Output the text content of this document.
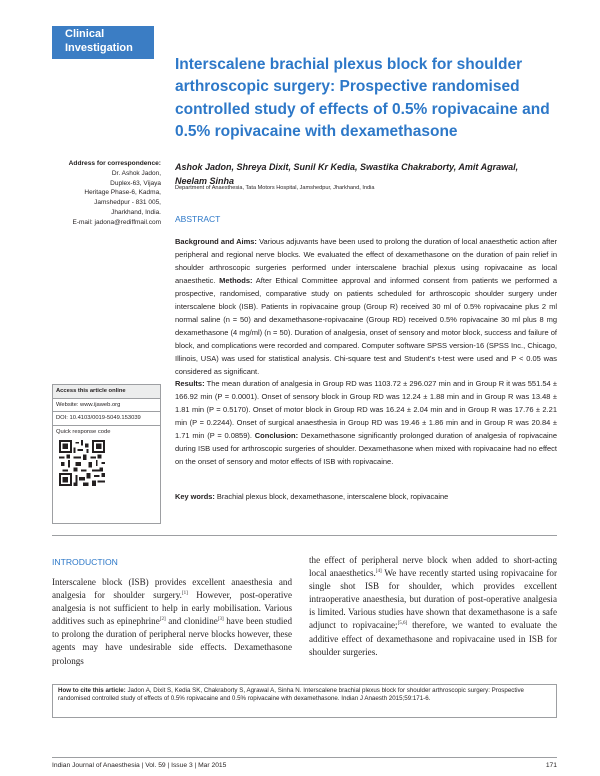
Clinical
Investigation
Interscalene brachial plexus block for shoulder
arthroscopic surgery: Prospective randomised
controlled study of effects of 0.5% ropivacaine and
0.5% ropivacaine with dexamethasone
Address for correspondence:
Dr. Ashok Jadon,
Duplex-63, Vijaya
Heritage Phase-6, Kadma,
Jamshedpur - 831 005,
Jharkhand, India.
E-mail: jadona@rediffmail.com
Ashok Jadon, Shreya Dixit, Sunil Kr Kedia, Swastika Chakraborty, Amit Agrawal,
Neelam Sinha
Department of Anaesthesia, Tata Motors Hospital, Jamshedpur, Jharkhand, India
ABSTRACT
Background and Aims: Various adjuvants have been used to prolong the duration of local anaesthetic action after peripheral and regional nerve blocks. We evaluated the effect of dexamethasone on the duration of pain relief in shoulder arthroscopic surgeries performed under interscalene brachial plexus using ropivacaine as local anaesthetic. Methods: After Ethical Committee approval and informed consent from patients we performed a prospective, randomised, comparative study on patients scheduled for arthroscopic shoulder surgery under interscalene block (ISB). Patients in ropivacaine group (Group R) received 30 ml of 0.5% ropivacaine plus 2 ml normal saline (n = 50) and dexamethasone-ropivacaine (Group RD) received 0.5% ropivacaine 30 ml plus 8 mg dexamethasone (4 mg/ml) (n = 50). Duration of analgesia, onset of sensory and motor block, success and failure of block, and complications were recorded and compared. Computer software SPSS version-16 (SPSS Inc., Chicago, Illinois, USA) was used for statistical analysis. Chi-square test and Student's t-test were used and P < 0.05 was considered as significant.
Results: The mean duration of analgesia in Group RD was 1103.72 ± 296.027 min and in Group R it was 551.54 ± 166.92 min (P = 0.0001). Onset of sensory block in Group RD was 12.24 ± 1.88 min and in Group R was 13.48 ± 1.81 min (P = 0.5170). Onset of motor block in Group RD was 16.24 ± 2.04 min and in Group R was 17.76 ± 2.21 min (P = 0.2244). Onset of surgical anaesthesia in Group RD was 19.46 ± 1.86 min and in Group R was 20.84 ± 1.71 min (P = 0.0859). Conclusion: Dexamethasone significantly prolonged duration of analgesia of ropivacaine during ISB used for arthroscopic surgeries of shoulder. Dexamethasone when mixed with ropivacaine had no effect on the onset of sensory and motor effects of ISB with ropivacaine.
Access this article online
Website: www.ijaweb.org
DOI: 10.4103/0019-5049.153039
Quick response code
Key words: Brachial plexus block, dexamethasone, interscalene block, ropivacaine
INTRODUCTION
Interscalene block (ISB) provides excellent anaesthesia and analgesia for shoulder surgery.[1] However, post-operative analgesia is not sufficient to help in early mobilisation. Various additives such as epinephrine[2] and clonidine[3] have been studied to prolong the duration of peripheral nerve blocks however, these agents may have undesirable side effects. Dexamethasone prolongs
the effect of peripheral nerve block when added to short-acting local anaesthetics.[4] We have recently started using ropivacaine for single shot ISB for shoulder, which provides excellent intraoperative anaesthesia, but duration of post-operative analgesia is limited. Various studies have shown that dexamethasone is a safe adjunct to ropivacaine;[5,6] therefore, we wanted to evaluate the additive effect of dexamethasone and ropivacaine used in ISB for shoulder surgeries.
How to cite this article: Jadon A, Dixit S, Kedia SK, Chakraborty S, Agrawal A, Sinha N. Interscalene brachial plexus block for shoulder arthroscopic surgery: Prospective randomised controlled study of effects of 0.5% ropivacaine and 0.5% ropivacaine with dexamethasone. Indian J Anaesth 2015;59:171-6.
Indian Journal of Anaesthesia | Vol. 59 | Issue 3 | Mar 2015	171
